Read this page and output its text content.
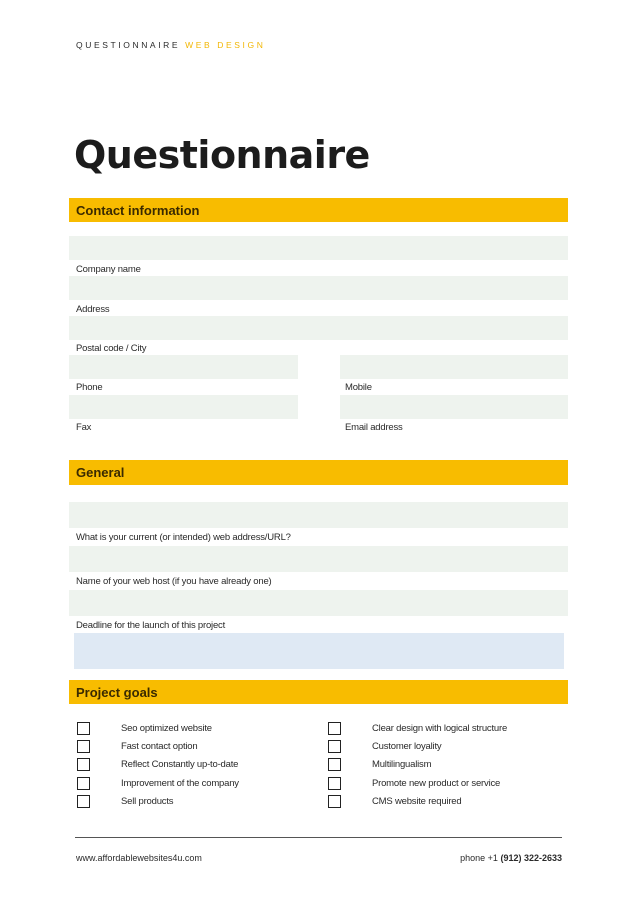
QUESTIONNAIRE WEB DESIGN
Questionnaire
Contact information
Company name
Address
Postal code / City
Phone	Mobile
Fax	Email address
General
What is your current (or intended) web address/URL?
Name of your web host (if you have already one)
Deadline for the launch of this project
Project goals
Seo optimized website
Fast contact option
Reflect Constantly up-to-date
Improvement of the company
Sell products
Clear design with logical structure
Customer loyality
Multilingualism
Promote new product or service
CMS website required
www.affordablewebsites4u.com	phone +1 (912) 322-2633
